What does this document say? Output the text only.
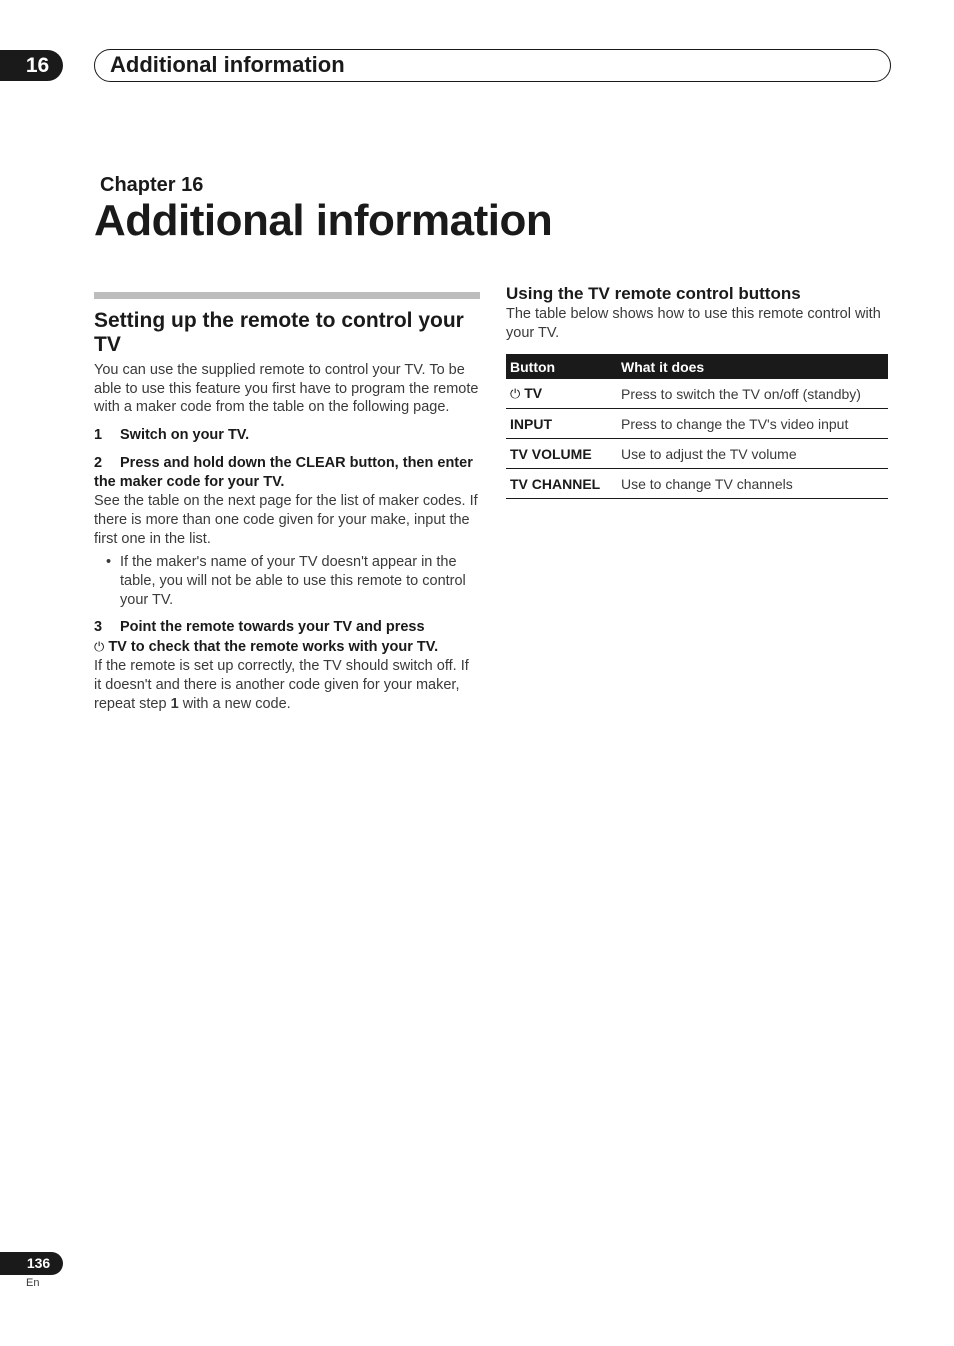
16	Additional information
Chapter 16
Additional information
Setting up the remote to control your TV

You can use the supplied remote to control your TV. To be able to use this feature you first have to program the remote with a maker code from the table on the following page.

1 Switch on your TV.
2 Press and hold down the CLEAR button, then enter the maker code for your TV.

See the table on the next page for the list of maker codes. If there is more than one code given for your make, input the first one in the list.

• If the maker's name of your TV doesn't appear in the table, you will not be able to use this remote to control your TV.
3 Point the remote towards your TV and press
⏻ TV to check that the remote works with your TV.

If the remote is set up correctly, the TV should switch off. If it doesn't and there is another code given for your maker, repeat step 1 with a new code.

Using the TV remote control buttons

The table below shows how to use this remote control with your TV.

Button	What it does
⏻ TV	Press to switch the TV on/off (standby)
INPUT	Press to change the TV's video input
TV VOLUME	Use to adjust the TV volume
TV CHANNEL	Use to change TV channels
136
En
